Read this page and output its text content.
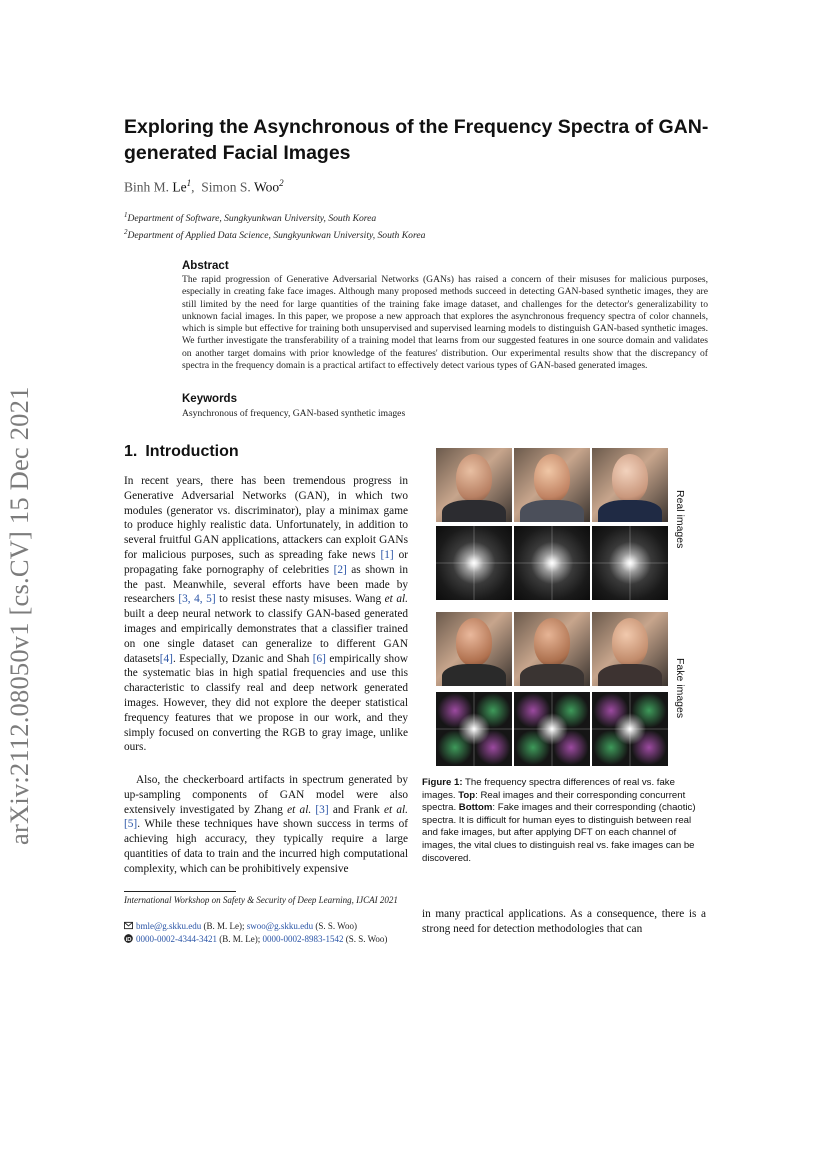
arXiv:2112.08050v1 [cs.CV] 15 Dec 2021
Exploring the Asynchronous of the Frequency Spectra of GAN-generated Facial Images
Binh M. Le$^1$,  Simon S. Woo$^2$
$^1$Department of Software, Sungkyunkwan University, South Korea
$^2$Department of Applied Data Science, Sungkyunkwan University, South Korea
Abstract
The rapid progression of Generative Adversarial Networks (GANs) has raised a concern of their misuses for malicious purposes, especially in creating fake face images. Although many proposed methods succeed in detecting GAN-based synthetic images, they are still limited by the need for large quantities of the training fake image dataset, and challenges for the detector's generalizability to unknown facial images. In this paper, we propose a new approach that explores the asynchronous frequency spectra of color channels, which is simple but effective for training both unsupervised and supervised learning models to distinguish GAN-based synthetic images. We further investigate the transferability of a training model that learns from our suggested features in one source domain and validates on another target domains with prior knowledge of the features' distribution. Our experimental results show that the discrepancy of spectra in the frequency domain is a practical artifact to effectively detect various types of GAN-based generated images.
Keywords
Asynchronous of frequency, GAN-based synthetic images
1. Introduction
In recent years, there has been tremendous progress in Generative Adversarial Networks (GAN), in which two modules (generator vs. discriminator), play a minimax game to produce highly realistic data. Unfortunately, in addition to several fruitful GAN applications, attackers can exploit GANs for malicious purposes, such as spreading fake news [1] or propagating fake pornography of celebrities [2] as shown in the past. Meanwhile, several efforts have been made by researchers [3, 4, 5] to resist these nasty misuses. Wang et al. built a deep neural network to classify GAN-based generated images and empirically demonstrates that a classifier trained on one single dataset can generalize to different GAN datasets[4]. Especially, Dzanic and Shah [6] empirically show the systematic bias in high spatial frequencies and use this characteristic to classify real and deep network generated images. However, they did not explore the deeper statistical frequency features that we propose in our work, and they simply focused on converting the RGB to gray image, unlike ours.
Also, the checkerboard artifacts in spectrum generated by up-sampling components of GAN model were also extensively investigated by Zhang et al. [3] and Frank et al. [5]. While these techniques have shown success in terms of achieving high accuracy, they typically require a large quantities of data to train and the incurred high computational complexity, which can be prohibitively expensive
Real images
Fake images
Figure 1: The frequency spectra differences of real vs. fake images. Top: Real images and their corresponding concurrent spectra. Bottom: Fake images and their corresponding (chaotic) spectra. It is difficult for human eyes to distinguish between real and fake images, but after applying DFT on each channel of images, the vital clues to distinguish real vs. fake images can be discovered.
International Workshop on Safety & Security of Deep Learning, IJCAI 2021
bmle@g.skku.edu (B. M. Le); swoo@g.skku.edu (S. S. Woo)
iD 0000-0002-4344-3421 (B. M. Le); 0000-0002-8983-1542 (S. S. Woo)
in many practical applications. As a consequence, there is a strong need for detection methodologies that can
